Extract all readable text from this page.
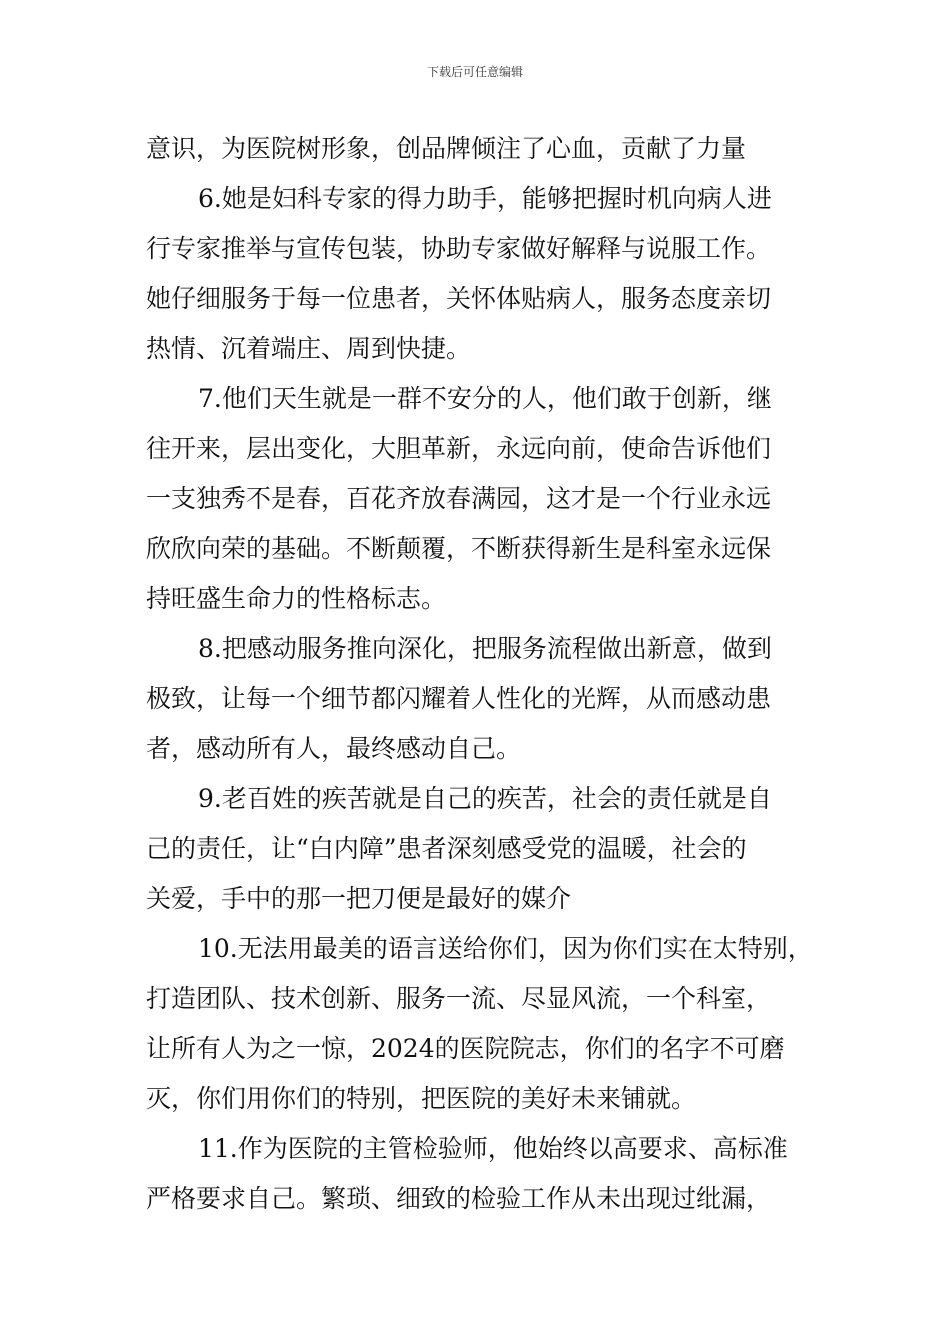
下载后可任意编辑
意识，为医院树形象，创品牌倾注了心血，贡献了力量
6.她是妇科专家的得力助手，能够把握时机向病人进
行专家推举与宣传包装，协助专家做好解释与说服工作。
她仔细服务于每一位患者，关怀体贴病人，服务态度亲切
热情、沉着端庄、周到快捷。
7.他们天生就是一群不安分的人，他们敢于创新，继
往开来，层出变化，大胆革新，永远向前，使命告诉他们
一支独秀不是春，百花齐放春满园，这才是一个行业永远
欣欣向荣的基础。不断颠覆，不断获得新生是科室永远保
持旺盛生命力的性格标志。
8.把感动服务推向深化，把服务流程做出新意，做到
极致，让每一个细节都闪耀着人性化的光辉，从而感动患
者，感动所有人，最终感动自己。
9.老百姓的疾苦就是自己的疾苦，社会的责任就是自
己的责任，让“白内障”患者深刻感受党的温暖，社会的
关爱，手中的那一把刀便是最好的媒介
10.无法用最美的语言送给你们，因为你们实在太特别，
打造团队、技术创新、服务一流、尽显风流，一个科室，
让所有人为之一惊，2024的医院院志，你们的名字不可磨
灭，你们用你们的特别，把医院的美好未来铺就。
11.作为医院的主管检验师，他始终以高要求、高标准
严格要求自己。繁琐、细致的检验工作从未出现过纰漏，
